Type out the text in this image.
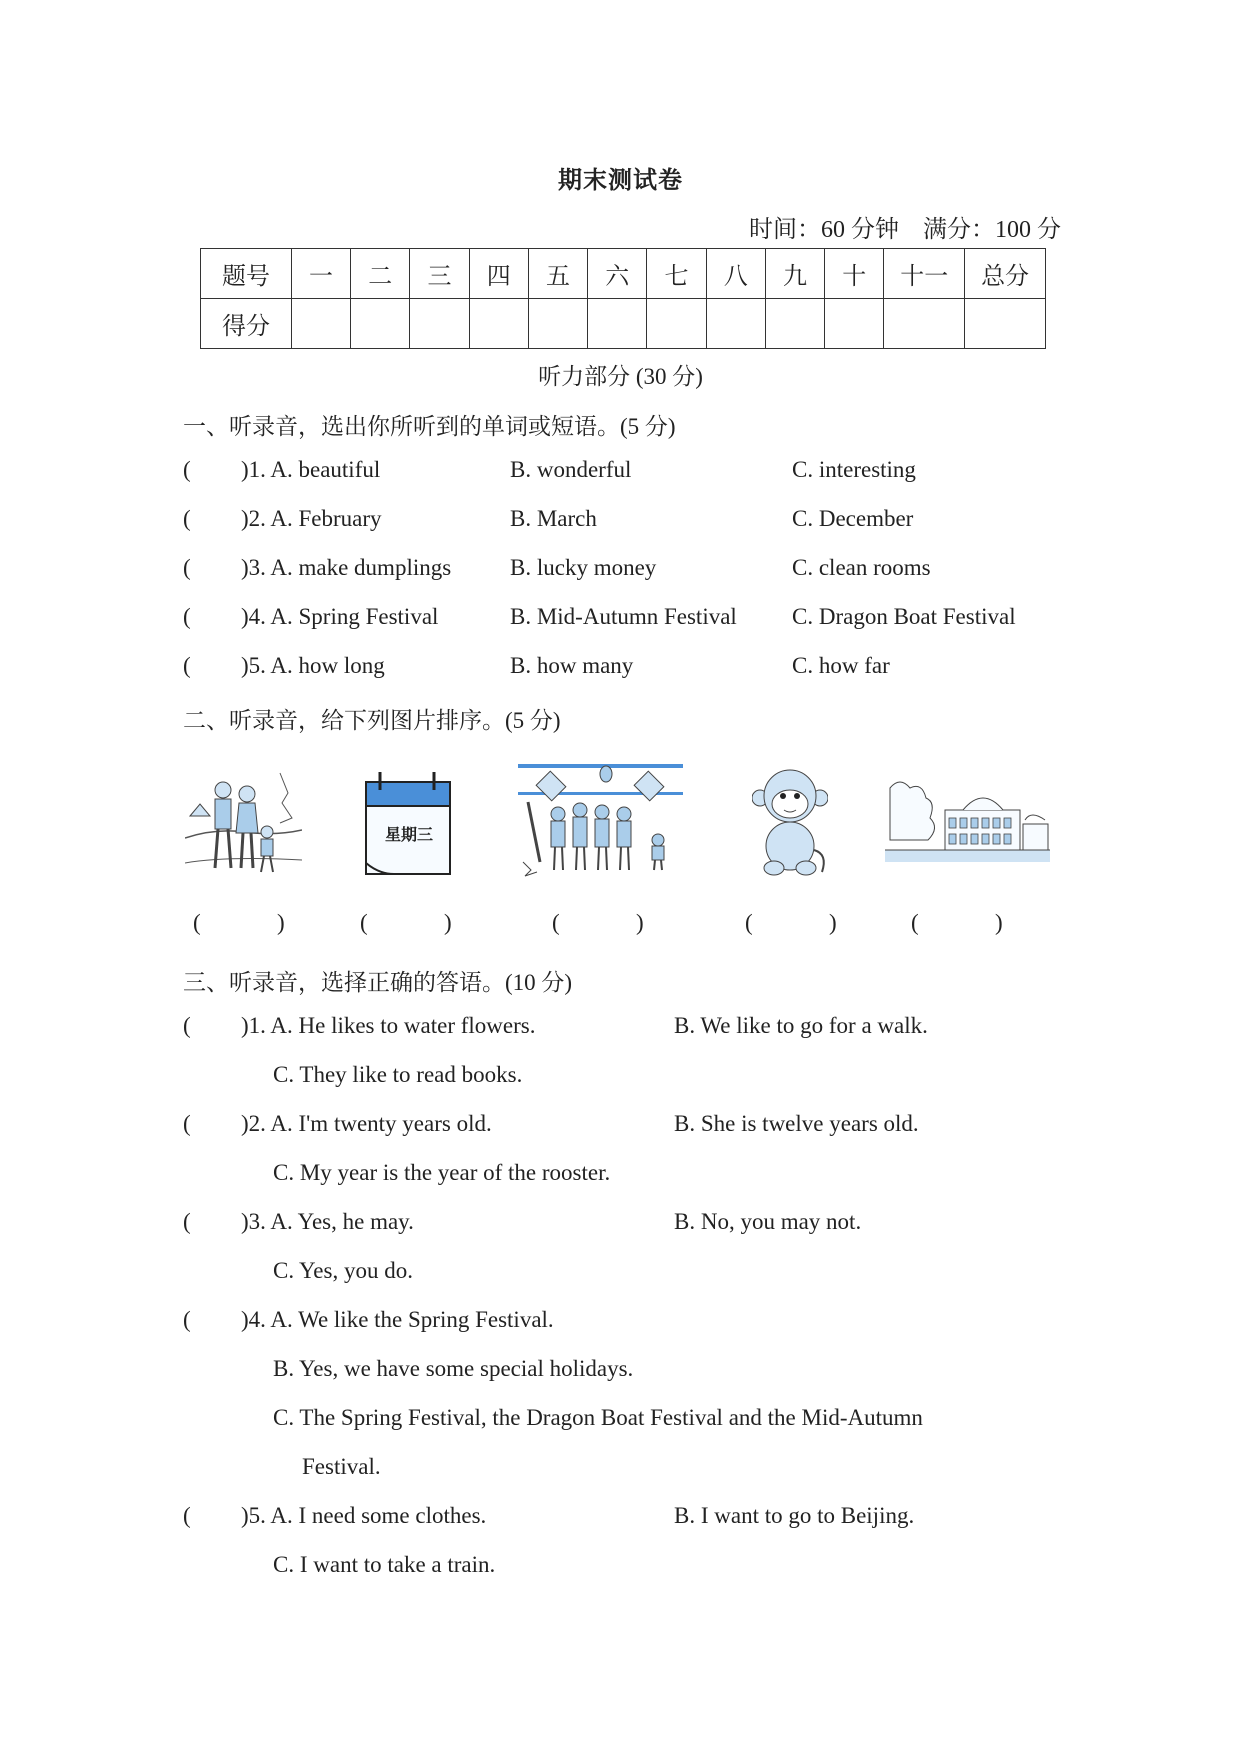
期末测试卷
时间：60 分钟　满分：100 分
题号	一	二	三	四	五	六	七	八	九	十	十一	总分
得分												
听力部分 (30 分)
一、听录音，选出你所听到的单词或短语。(5 分)
( )1. A. beautiful	B. wonderful	C. interesting
( )2. A. February	B. March	C. December
( )3. A. make dumplings	B. lucky money	C. clean rooms
( )4. A. Spring Festival	B. Mid-Autumn Festival C. Dragon Boat Festival
( )5. A. how long	B. how many	C. how far
二、听录音，给下列图片排序。(5 分)
星期三
(	)	(	)	(	)	(	)	(	)
三、听录音，选择正确的答语。(10 分)
( )1. A. He likes to water flowers.	B. We like to go for a walk.
C. They like to read books.
( )2. A. I'm twenty years old.	B. She is twelve years old.
C. My year is the year of the rooster.
( )3. A. Yes, he may.	B. No, you may not.
C. Yes, you do.
( )4. A. We like the Spring Festival.
B. Yes, we have some special holidays.
C. The Spring Festival, the Dragon Boat Festival and the Mid-Autumn
Festival.
( )5. A. I need some clothes.	B. I want to go to Beijing.
C. I want to take a train.
